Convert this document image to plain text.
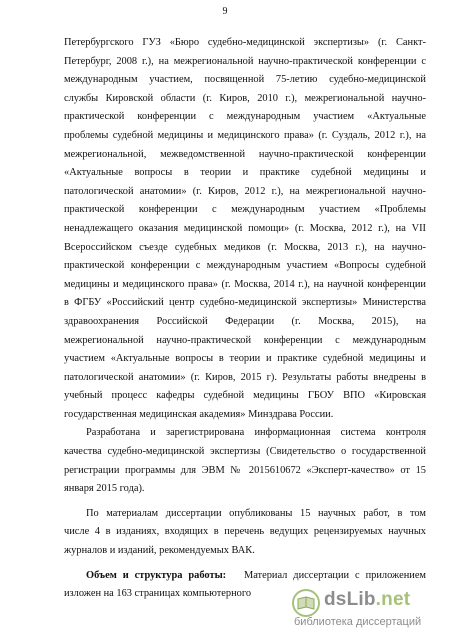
9
Петербургского ГУЗ «Бюро судебно-медицинской экспертизы» (г. Санкт-
Петербург, 2008 г.), на межрегиональной научно-практической конференции с
международным участием, посвященной 75-летию судебно-медицинской
службы Кировской области (г. Киров, 2010 г.), межрегиональной научно-
практической конференции с международным участием «Актуальные
проблемы судебной медицины и медицинского права» (г. Суздаль, 2012 г.), на
межрегиональной, межведомственной научно-практической конференции
«Актуальные вопросы в теории и практике судебной медицины и
патологической анатомии» (г. Киров, 2012 г.), на межрегиональной научно-
практической конференции с международным участием «Проблемы
ненадлежащего оказания медицинской помощи» (г. Москва, 2012 г.), на VII
Всероссийском съезде судебных медиков (г. Москва, 2013 г.), на научно-
практической конференции с международным участием «Вопросы судебной
медицины и медицинского права» (г. Москва, 2014 г.), на научной конференции
в ФГБУ «Российский центр судебно-медицинской экспертизы» Министерства
здравоохранения Российской Федерации (г. Москва, 2015), на
межрегиональной научно-практической конференции с международным
участием «Актуальные вопросы в теории и практике судебной медицины и
патологической анатомии» (г. Киров, 2015 г). Результаты работы внедрены в
учебный процесс кафедры судебной медицины ГБОУ ВПО «Кировская
государственная медицинская академия» Минздрава России.
Разработана и зарегистрирована информационная система контроля
качества судебно-медицинской экспертизы (Свидетельство о государственной
регистрации программы для ЭВМ № 2015610672 «Эксперт-качество» от 15
января 2015 года).
По материалам диссертации опубликованы 15 научных работ, в том
числе 4 в изданиях, входящих в перечень ведущих рецензируемых научных
журналов и изданий, рекомендуемых ВАК.
Объем и структура работы: Материал диссертации с приложением
изложен на 163 страницах компьютерного	dsLib.net
библиотека диссертаций
